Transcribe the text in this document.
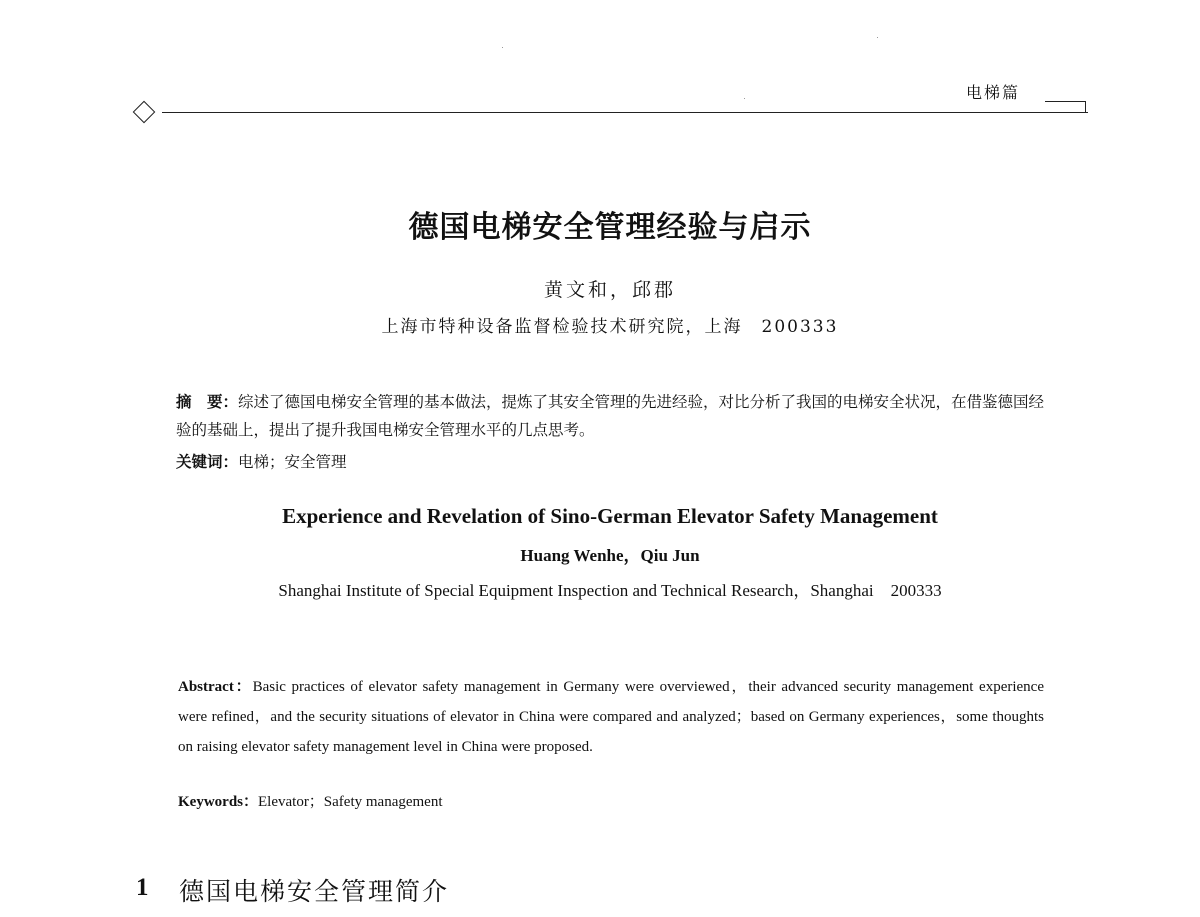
电梯篇
德国电梯安全管理经验与启示
黄文和，邱郡
上海市特种设备监督检验技术研究院，上海　200333
摘　要：综述了德国电梯安全管理的基本做法，提炼了其安全管理的先进经验，对比分析了我国的电梯安全状况，在借鉴德国经验的基础上，提出了提升我国电梯安全管理水平的几点思考。
关键词：电梯；安全管理
Experience and Revelation of Sino-German Elevator Safety Management
Huang Wenhe，Qiu Jun
Shanghai Institute of Special Equipment Inspection and Technical Research，Shanghai　200333
Abstract：Basic practices of elevator safety management in Germany were overviewed，their advanced security management experience were refined，and the security situations of elevator in China were compared and analyzed；based on Germany experiences，some thoughts on raising elevator safety management level in China were proposed.
Keywords：Elevator；Safety management
1 德国电梯安全管理简介
